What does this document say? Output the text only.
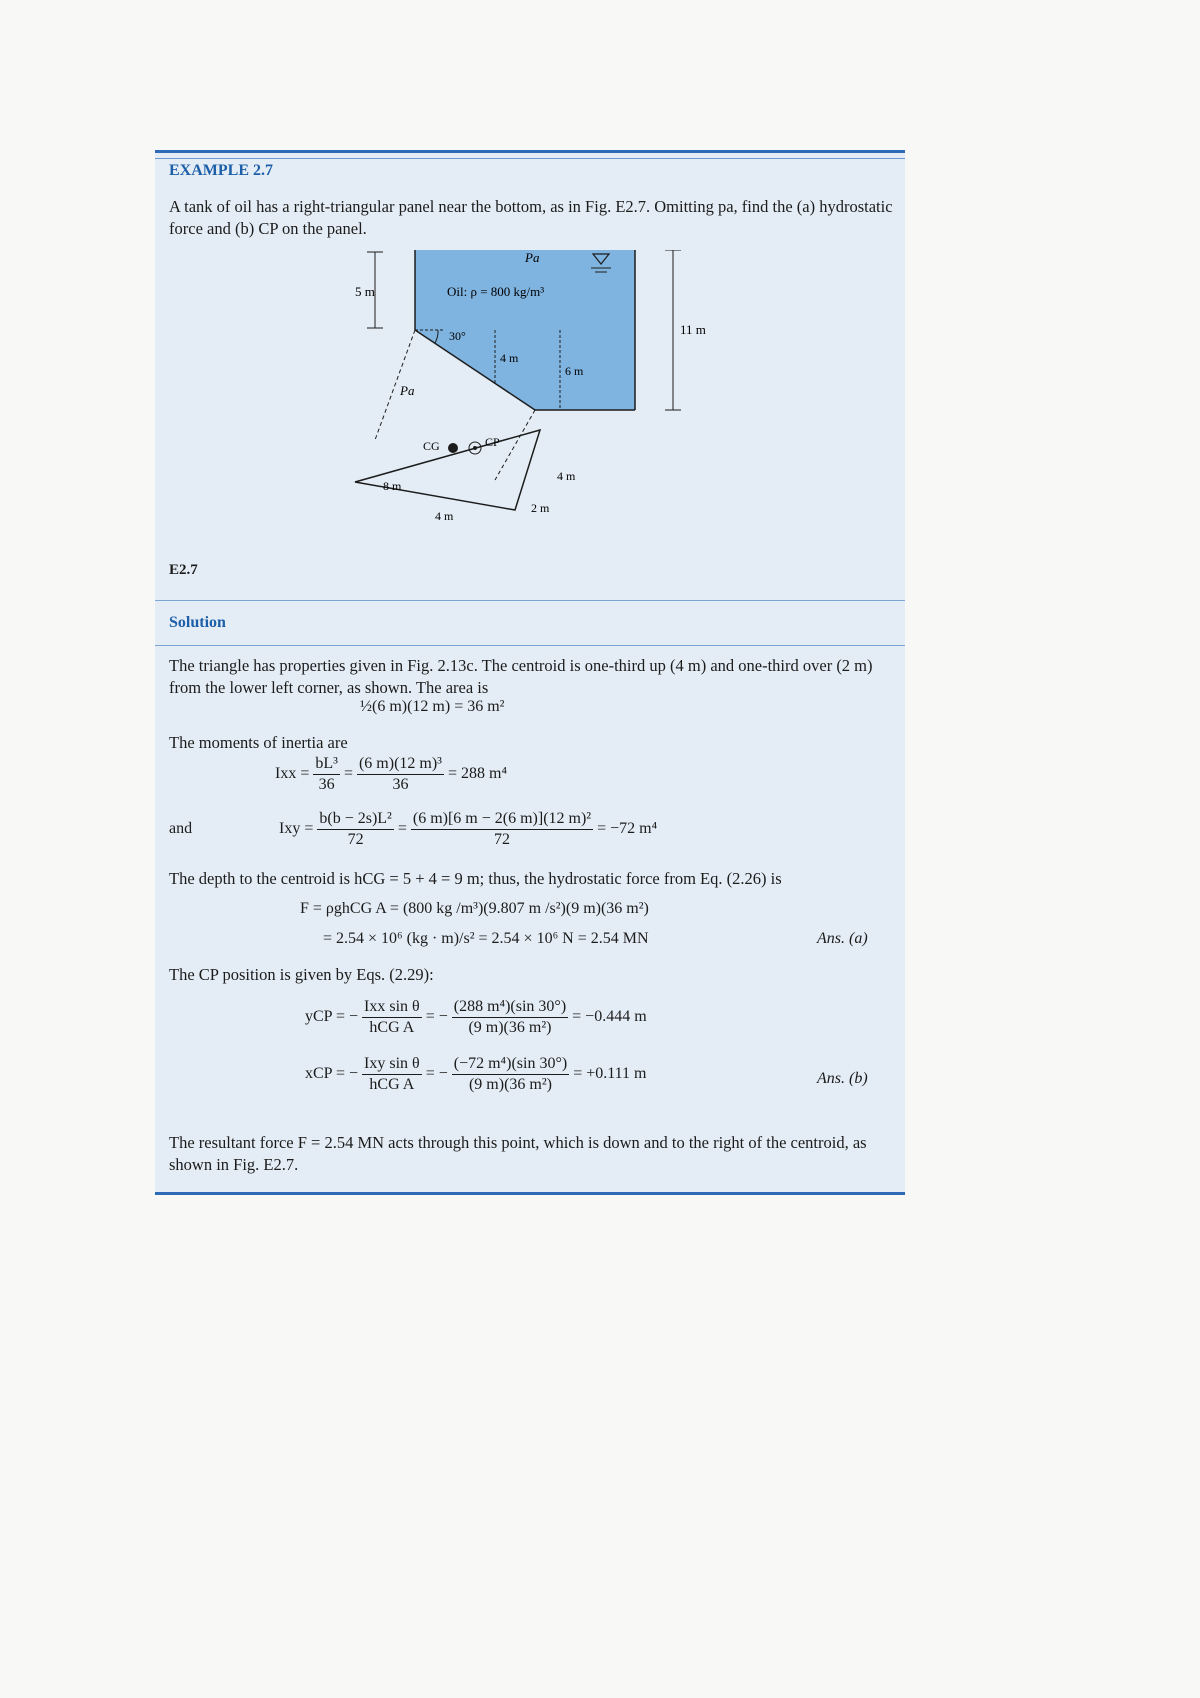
EXAMPLE 2.7
A tank of oil has a right-triangular panel near the bottom, as in Fig. E2.7. Omitting pa, find the (a) hydrostatic force and (b) CP on the panel.
5 m
11 m
Pa
Oil: ρ = 800 kg/m³
30°
4 m
6 m
Pa
CG	CP
8 m
4 m
2 m
4 m
E2.7
Solution
The triangle has properties given in Fig. 2.13c. The centroid is one-third up (4 m) and one-third over (2 m) from the lower left corner, as shown. The area is
½(6 m)(12 m) = 36 m²
The moments of inertia are
Ixx = $\frac{\text{bL³}}{36} = \frac{\text{(6 m)(12 m)³}}{36} = 288$ m⁴
and	Ixy = $\frac{\text{b(b − 2s)L²}}{72} = \frac{\text{(6 m)[6 m − 2(6 m)](12 m)²}}{72} = -72$ m⁴
The depth to the centroid is hCG = 5 + 4 = 9 m; thus, the hydrostatic force from Eq. (2.26) is
F = ρghCG A = (800 kg /m³)(9.807 m /s²)(9 m)(36 m²)
= 2.54 × 10⁶ (kg · m)/s² = 2.54 × 10⁶ N = 2.54 MN	Ans. (a)
The CP position is given by Eqs. (2.29):
yCP = − $\frac{\text{Ixx sin θ}}{\text{hCG A}}$ = − $\frac{\text{(288 m⁴)(sin 30°)}}{\text{(9 m)(36 m²)}} = -0.444$ m
xCP = − $\frac{\text{Ixy sin θ}}{\text{hCG A}}$ = − $\frac{\text{(−72 m⁴)(sin 30°)}}{\text{(9 m)(36 m²)}} = +0.111$ m	Ans. (b)
The resultant force F = 2.54 MN acts through this point, which is down and to the right of the centroid, as shown in Fig. E2.7.
